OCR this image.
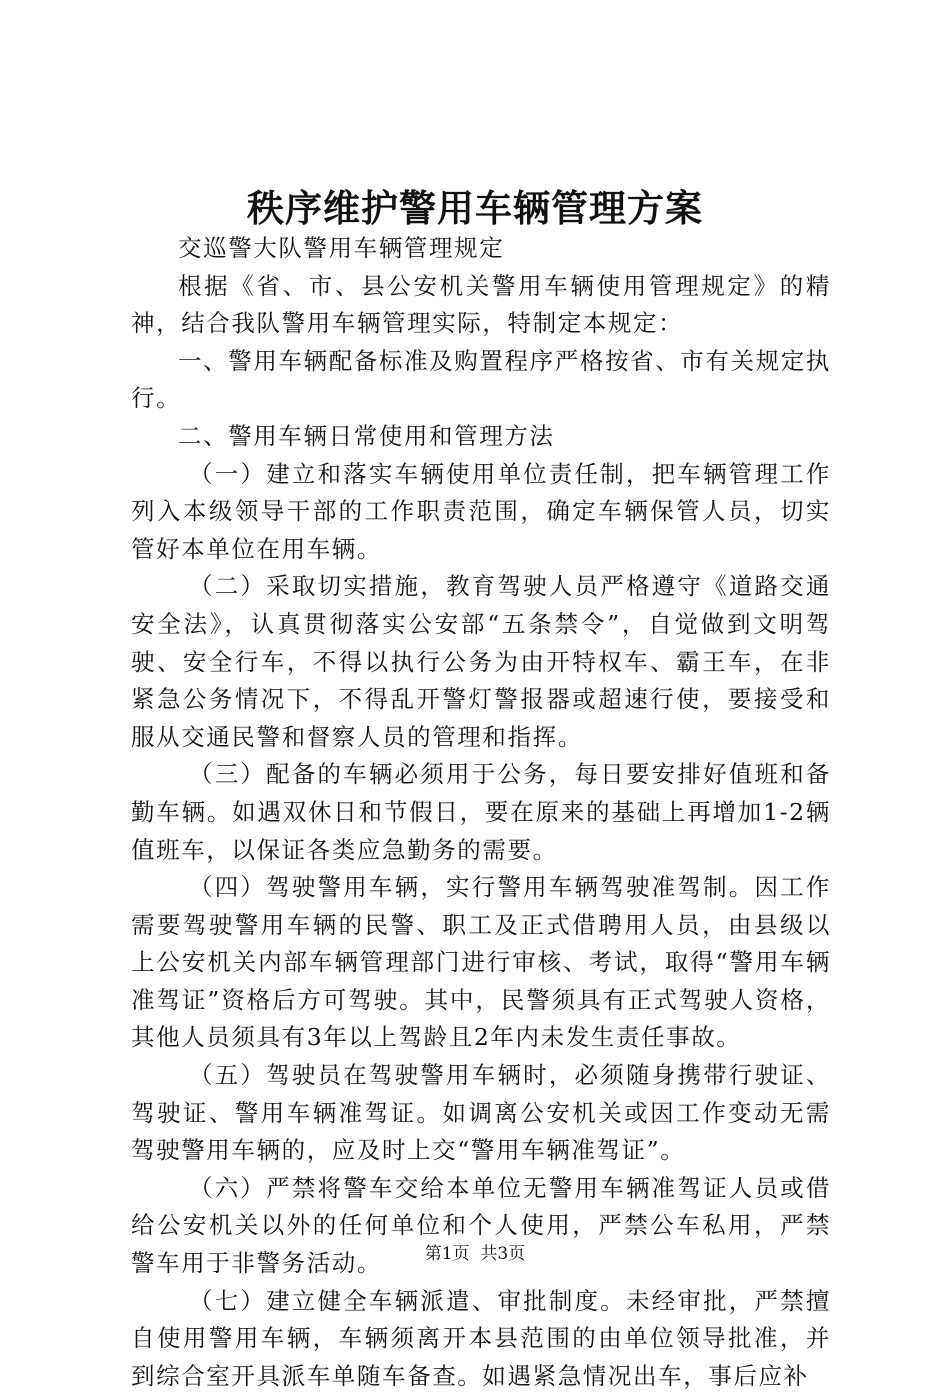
秩序维护警用车辆管理方案

交巡警大队警用车辆管理规定

根据《省、市、县公安机关警用车辆使用管理规定》的精神，结合我队警用车辆管理实际，特制定本规定：

一、警用车辆配备标准及购置程序严格按省、市有关规定执行。

二、警用车辆日常使用和管理方法

（一）建立和落实车辆使用单位责任制，把车辆管理工作列入本级领导干部的工作职责范围，确定车辆保管人员，切实管好本单位在用车辆。

（二）采取切实措施，教育驾驶人员严格遵守《道路交通安全法》，认真贯彻落实公安部“五条禁令”，自觉做到文明驾驶、安全行车，不得以执行公务为由开特权车、霸王车，在非紧急公务情况下，不得乱开警灯警报器或超速行使，要接受和服从交通民警和督察人员的管理和指挥。

（三）配备的车辆必须用于公务，每日要安排好值班和备勤车辆。如遇双休日和节假日，要在原来的基础上再增加1-2辆值班车，以保证各类应急勤务的需要。

（四）驾驶警用车辆，实行警用车辆驾驶准驾制。因工作需要驾驶警用车辆的民警、职工及正式借聘用人员，由县级以上公安机关内部车辆管理部门进行审核、考试，取得“警用车辆准驾证”资格后方可驾驶。其中，民警须具有正式驾驶人资格，其他人员须具有3年以上驾龄且2年内未发生责任事故。

（五）驾驶员在驾驶警用车辆时，必须随身携带行驶证、驾驶证、警用车辆准驾证。如调离公安机关或因工作变动无需驾驶警用车辆的，应及时上交“警用车辆准驾证”。

（六）严禁将警车交给本单位无警用车辆准驾证人员或借给公安机关以外的任何单位和个人使用，严禁公车私用，严禁警车用于非警务活动。

（七）建立健全车辆派遣、审批制度。未经审批，严禁擅自使用警用车辆，车辆须离开本县范围的由单位领导批准，并到综合室开具派车单随车备查。如遇紧急情况出车，事后应补

第1页  共3页
